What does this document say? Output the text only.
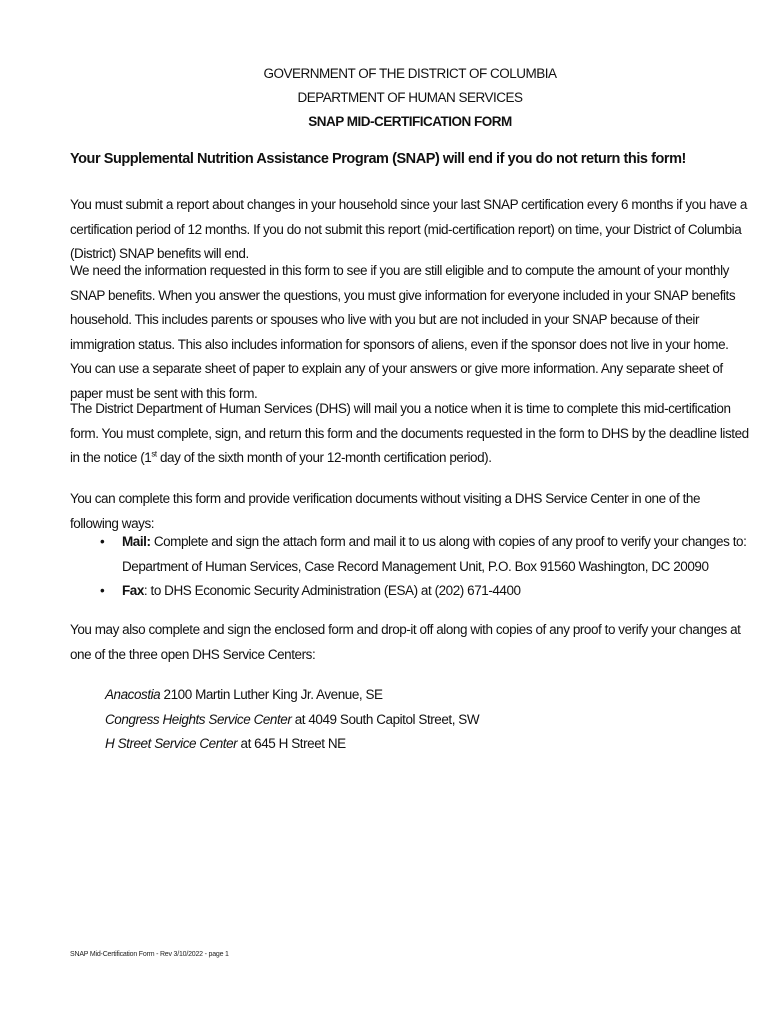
GOVERNMENT OF THE DISTRICT OF COLUMBIA
DEPARTMENT OF HUMAN SERVICES
SNAP MID-CERTIFICATION FORM
Your Supplemental Nutrition Assistance Program (SNAP) will end if you do not return this form!
You must submit a report about changes in your household since your last SNAP certification every 6 months if you have a certification period of 12 months. If you do not submit this report (mid-certification report) on time, your District of Columbia (District) SNAP benefits will end.
We need the information requested in this form to see if you are still eligible and to compute the amount of your monthly SNAP benefits. When you answer the questions, you must give information for everyone included in your SNAP benefits household. This includes parents or spouses who live with you but are not included in your SNAP because of their immigration status. This also includes information for sponsors of aliens, even if the sponsor does not live in your home. You can use a separate sheet of paper to explain any of your answers or give more information. Any separate sheet of paper must be sent with this form.
The District Department of Human Services (DHS) will mail you a notice when it is time to complete this mid-certification form. You must complete, sign, and return this form and the documents requested in the form to DHS by the deadline listed in the notice (1st day of the sixth month of your 12-month certification period).
You can complete this form and provide verification documents without visiting a DHS Service Center in one of the following ways:
• Mail: Complete and sign the attach form and mail it to us along with copies of any proof to verify your changes to: Department of Human Services, Case Record Management Unit, P.O. Box 91560 Washington, DC 20090
• Fax: to DHS Economic Security Administration (ESA) at (202) 671-4400
You may also complete and sign the enclosed form and drop-it off along with copies of any proof to verify your changes at one of the three open DHS Service Centers:
Anacostia 2100 Martin Luther King Jr. Avenue, SE
Congress Heights Service Center at 4049 South Capitol Street, SW
H Street Service Center at 645 H Street NE
SNAP Mid-Certification Form - Rev 3/10/2022 - page 1
